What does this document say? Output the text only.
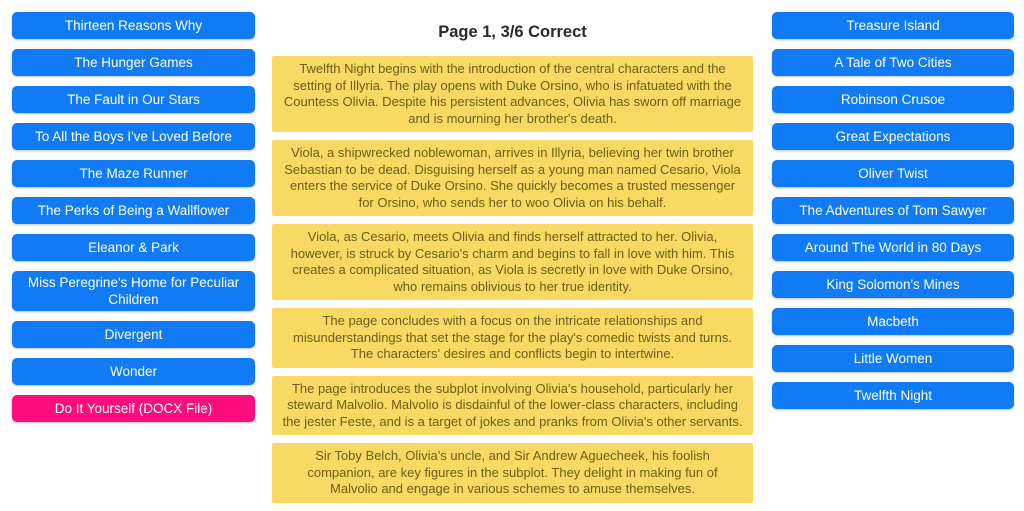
Thirteen Reasons Why
The Hunger Games
The Fault in Our Stars
To All the Boys I've Loved Before
The Maze Runner
The Perks of Being a Wallflower
Eleanor & Park
Miss Peregrine's Home for Peculiar Children
Divergent
Wonder
Do It Yourself (DOCX File)
Page 1, 3/6 Correct
Twelfth Night begins with the introduction of the central characters and the setting of Illyria. The play opens with Duke Orsino, who is infatuated with the Countess Olivia. Despite his persistent advances, Olivia has sworn off marriage and is mourning her brother's death.
Viola, a shipwrecked noblewoman, arrives in Illyria, believing her twin brother Sebastian to be dead. Disguising herself as a young man named Cesario, Viola enters the service of Duke Orsino. She quickly becomes a trusted messenger for Orsino, who sends her to woo Olivia on his behalf.
Viola, as Cesario, meets Olivia and finds herself attracted to her. Olivia, however, is struck by Cesario's charm and begins to fall in love with him. This creates a complicated situation, as Viola is secretly in love with Duke Orsino, who remains oblivious to her true identity.
The page concludes with a focus on the intricate relationships and misunderstandings that set the stage for the play's comedic twists and turns. The characters' desires and conflicts begin to intertwine.
The page introduces the subplot involving Olivia's household, particularly her steward Malvolio. Malvolio is disdainful of the lower-class characters, including the jester Feste, and is a target of jokes and pranks from Olivia's other servants.
Sir Toby Belch, Olivia's uncle, and Sir Andrew Aguecheek, his foolish companion, are key figures in the subplot. They delight in making fun of Malvolio and engage in various schemes to amuse themselves.
Treasure Island
A Tale of Two Cities
Robinson Crusoe
Great Expectations
Oliver Twist
The Adventures of Tom Sawyer
Around The World in 80 Days
King Solomon's Mines
Macbeth
Little Women
Twelfth Night
